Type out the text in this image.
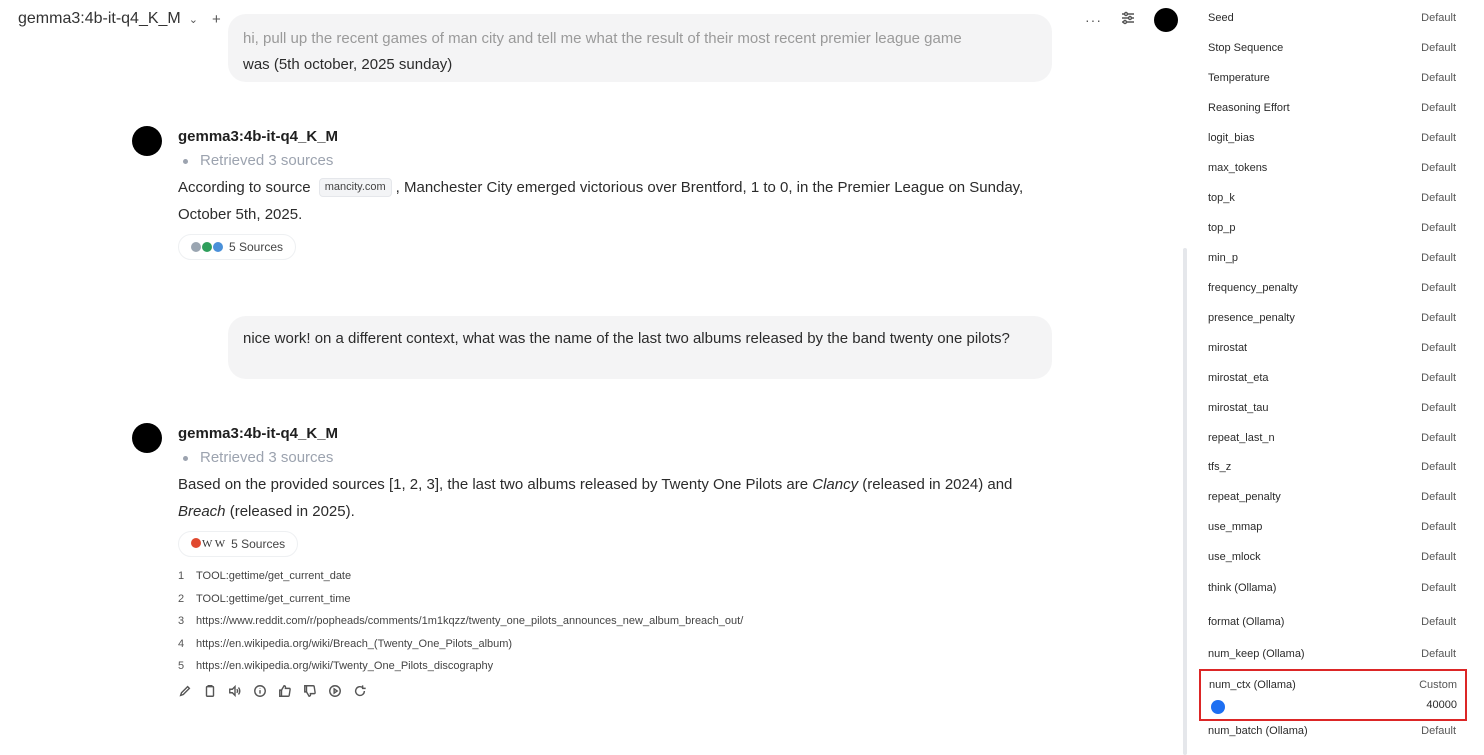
hi, pull up the recent games of man city and tell me what the result of their most recent premier league game
was (5th october, 2025 sunday)
gemma3:4b-it-q4_K_M
Retrieved 3 sources
According to source mancity.com , Manchester City emerged victorious over Brentford, 1 to 0, in the Premier League on Sunday, October 5th, 2025.
5 Sources
nice work! on a different context, what was the name of the last two albums released by the band twenty one pilots?
gemma3:4b-it-q4_K_M
Retrieved 3 sources
Based on the provided sources [1, 2, 3], the last two albums released by Twenty One Pilots are Clancy (released in 2024) and Breach (released in 2025).
W W 5 Sources
1	TOOL:gettime/get_current_date
2	TOOL:gettime/get_current_time
3	https://www.reddit.com/r/popheads/comments/1m1kqzz/twenty_one_pilots_announces_new_album_breach_out/
4	https://en.wikipedia.org/wiki/Breach_(Twenty_One_Pilots_album)
5	https://en.wikipedia.org/wiki/Twenty_One_Pilots_discography
gemma3:4b-it-q4_K_M ⌄ +	···	Seed	Default
Stop Sequence	Default
Temperature	Default
Reasoning Effort	Default
logit_bias	Default
max_tokens	Default
top_k	Default
top_p	Default
min_p	Default
frequency_penalty	Default
presence_penalty	Default
mirostat	Default
mirostat_eta	Default
mirostat_tau	Default
repeat_last_n	Default
tfs_z	Default
repeat_penalty	Default
use_mmap	Default
use_mlock	Default
think (Ollama)	Default
format (Ollama)	Default
num_keep (Ollama)	Default
num_batch (Ollama)	Default
num_ctx (Ollama)	Custom
40000
